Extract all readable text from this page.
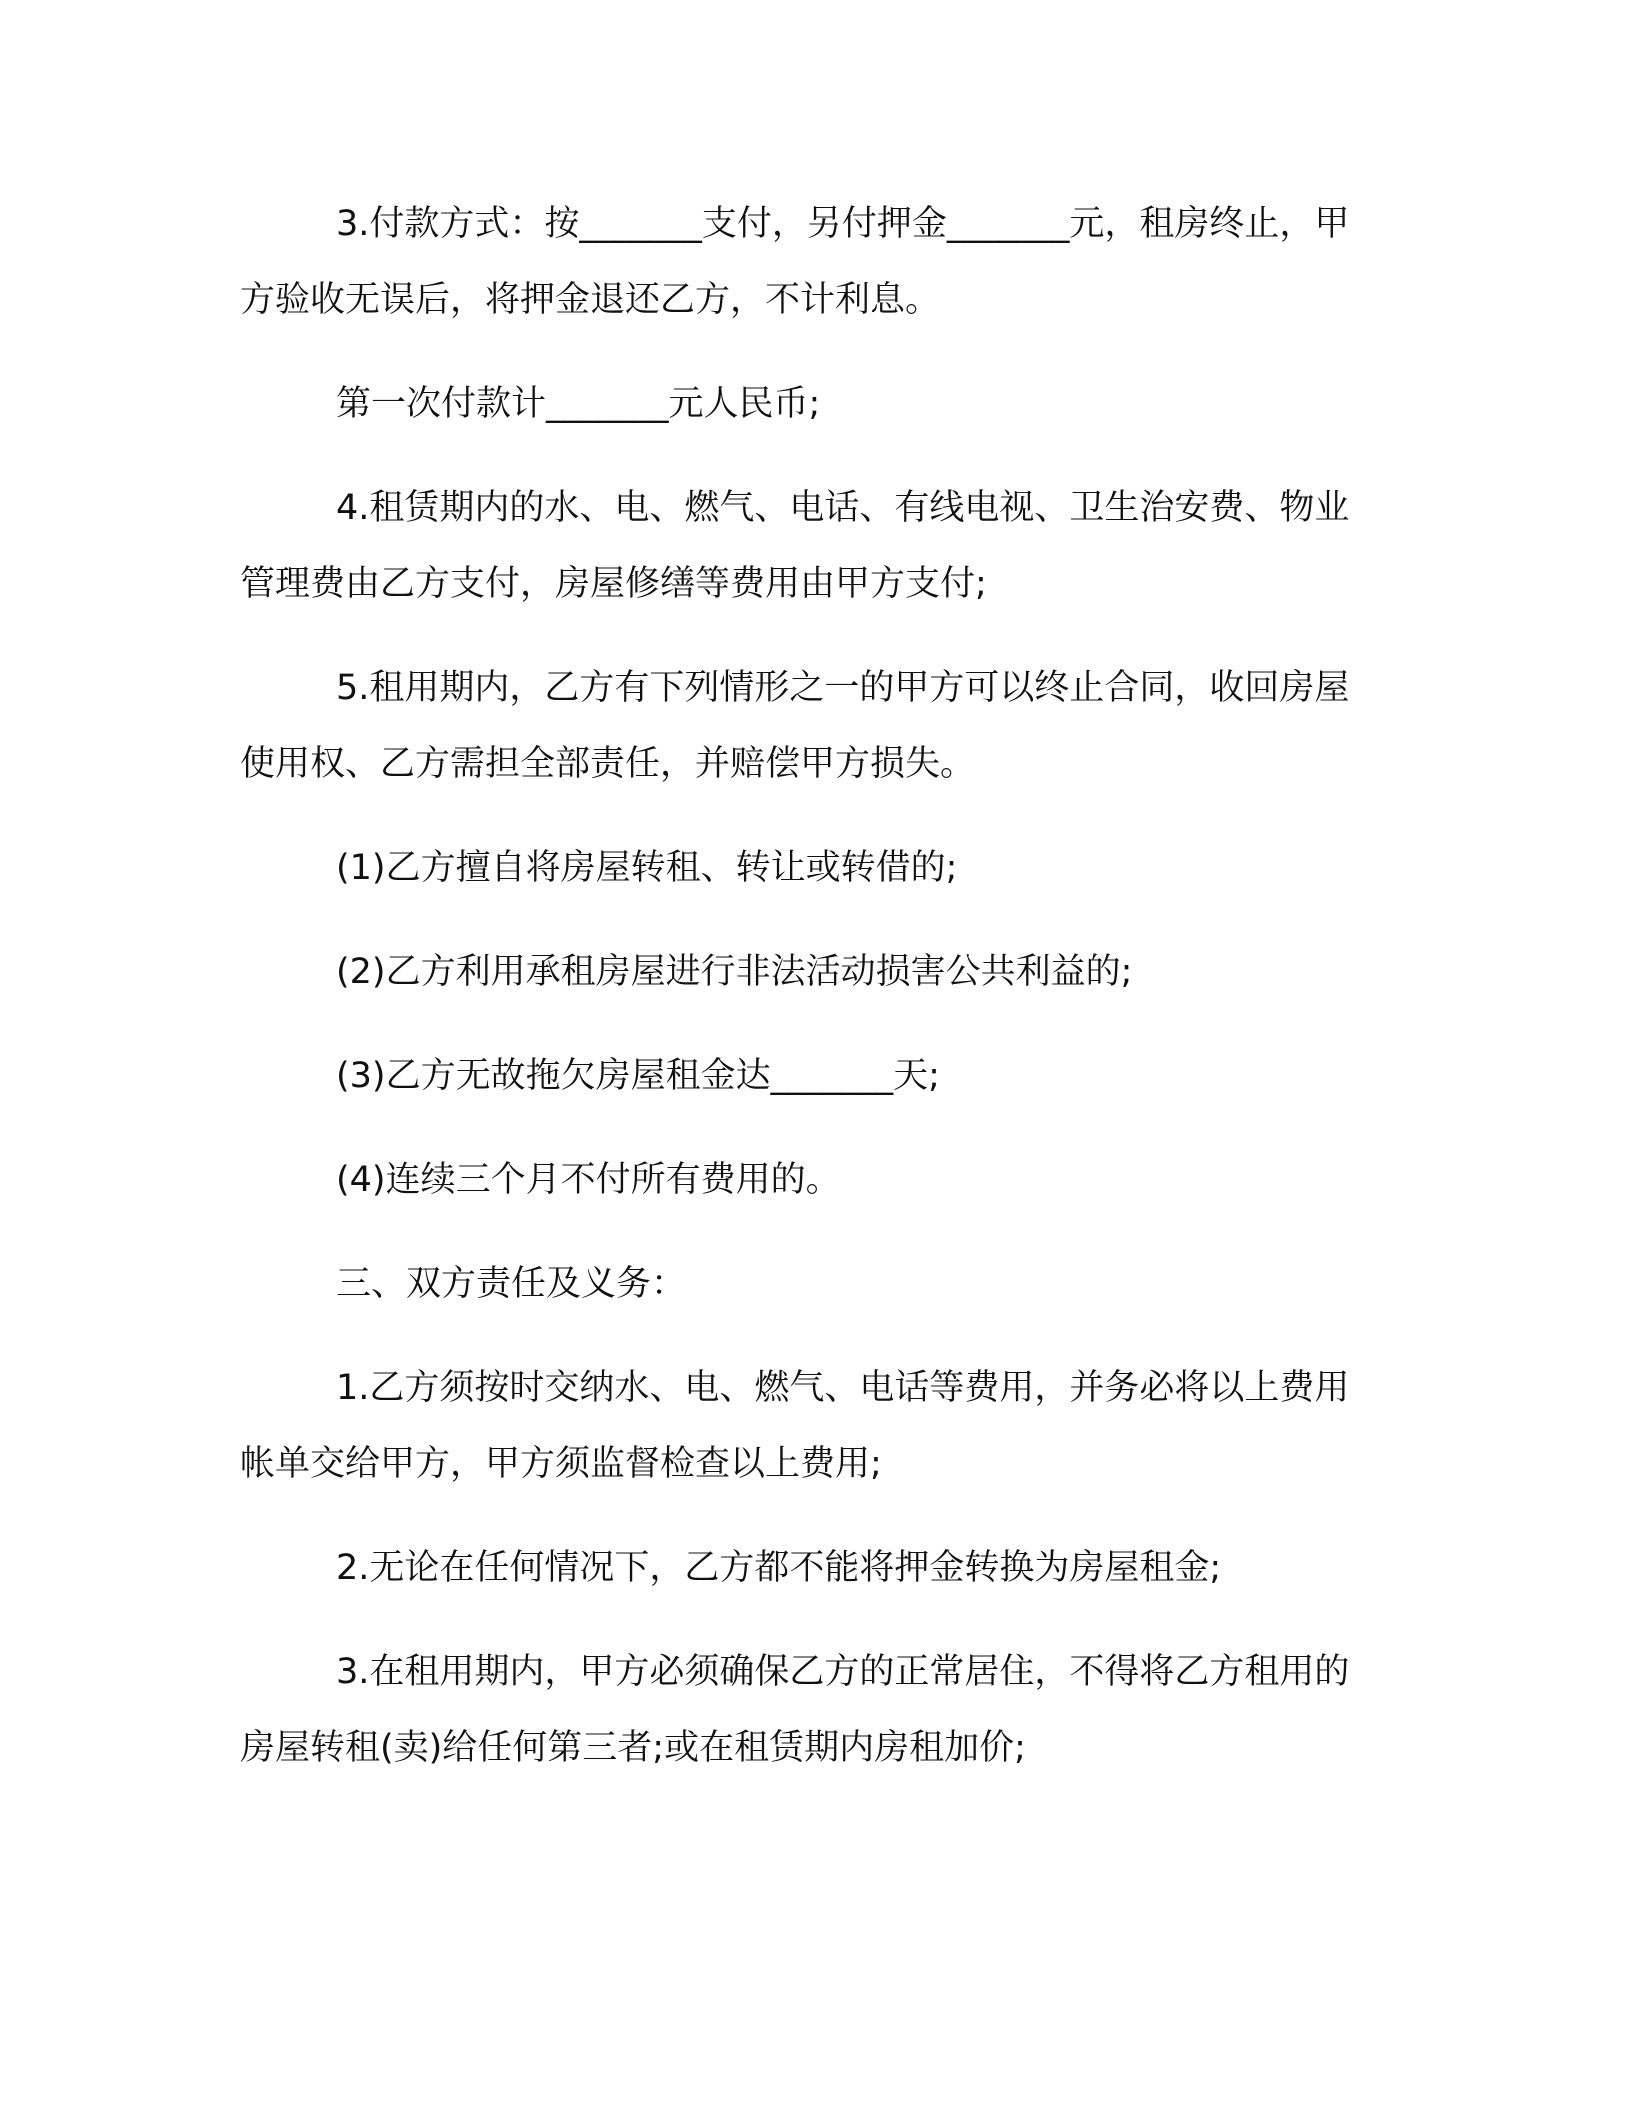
3.付款方式：按_______支付，另付押金_______元，租房终止，甲方验收无误后，将押金退还乙方，不计利息。

第一次付款计_______元人民币;

4.租赁期内的水、电、燃气、电话、有线电视、卫生治安费、物业管理费由乙方支付，房屋修缮等费用由甲方支付;

5.租用期内，乙方有下列情形之一的甲方可以终止合同，收回房屋使用权、乙方需担全部责任，并赔偿甲方损失。

(1)乙方擅自将房屋转租、转让或转借的;

(2)乙方利用承租房屋进行非法活动损害公共利益的;

(3)乙方无故拖欠房屋租金达_______天;

(4)连续三个月不付所有费用的。

三、双方责任及义务：

1.乙方须按时交纳水、电、燃气、电话等费用，并务必将以上费用帐单交给甲方，甲方须监督检查以上费用;

2.无论在任何情况下，乙方都不能将押金转换为房屋租金;

3.在租用期内，甲方必须确保乙方的正常居住，不得将乙方租用的房屋转租(卖)给任何第三者;或在租赁期内房租加价;
